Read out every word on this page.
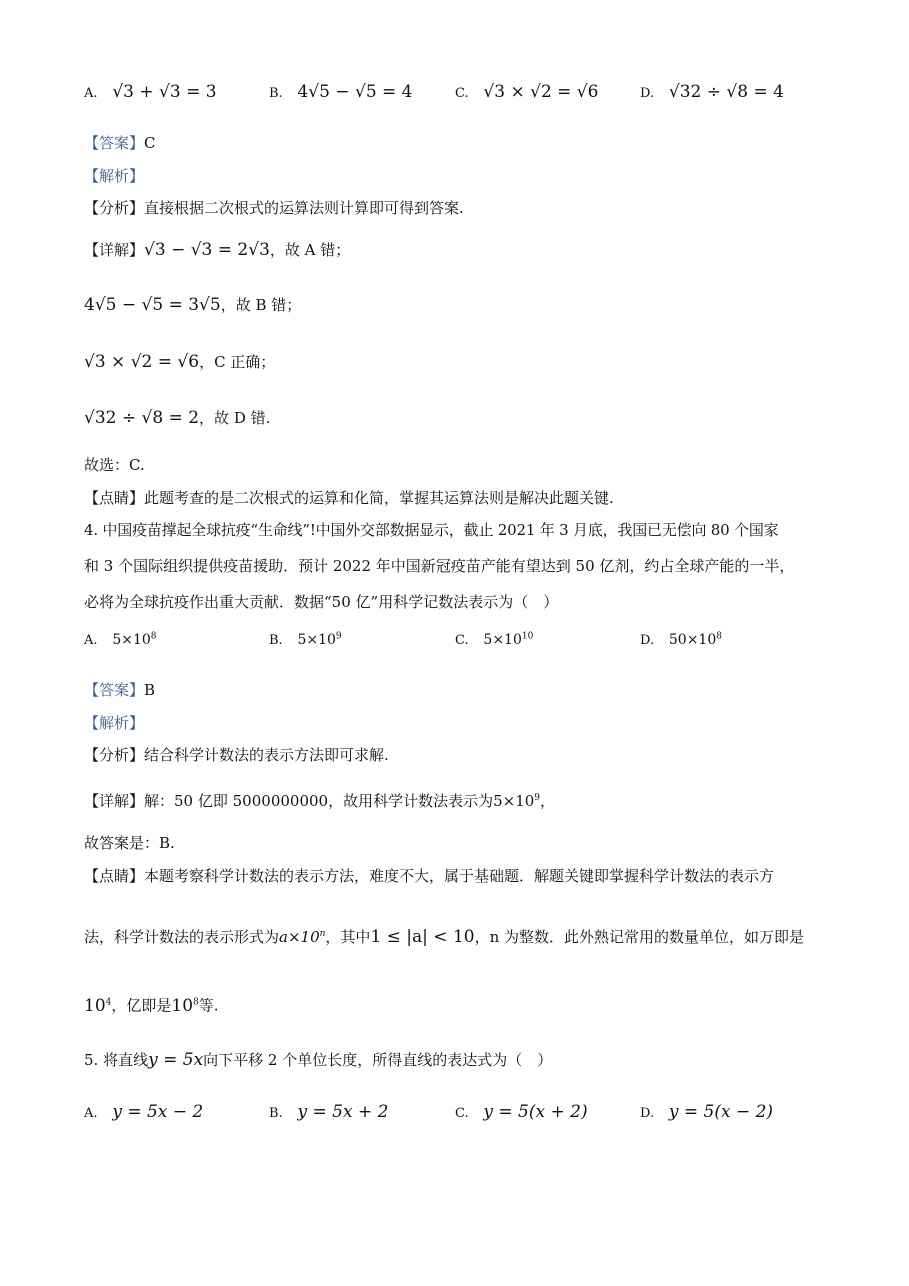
A. √3 + √3 = 3	B. 4√5 − √5 = 4	C. √3 × √2 = √6	D. √32 ÷ √8 = 4
【答案】C
【解析】
【分析】直接根据二次根式的运算法则计算即可得到答案.
【详解】√3 − √3 = 2√3，故 A 错；
4√5 − √5 = 3√5，故 B 错；
√3 × √2 = √6，C 正确；
√32 ÷ √8 = 2，故 D 错.
故选：C.
【点睛】此题考查的是二次根式的运算和化简，掌握其运算法则是解决此题关键.
4. 中国疫苗撑起全球抗疫“生命线”!中国外交部数据显示，截止 2021 年 3 月底，我国已无偿向 80 个国家
和 3 个国际组织提供疫苗援助．预计 2022 年中国新冠疫苗产能有望达到 50 亿剂，约占全球产能的一半，
必将为全球抗疫作出重大贡献．数据“50 亿”用科学记数法表示为（　）
A. $5\times 10^8$	B. $5\times 10^9$	C. $5\times 10^{10}$	D. $50\times 10^8$
【答案】B
【解析】
【分析】结合科学计数法的表示方法即可求解.
【详解】解：50 亿即 5000000000，故用科学计数法表示为$5\times 10^9$，
故答案是：B.
【点睛】本题考察科学计数法的表示方法，难度不大，属于基础题．解题关键即掌握科学计数法的表示方
法，科学计数法的表示形式为$a\times 10^n$，其中1 ≤ |a| < 10，n 为整数．此外熟记常用的数量单位，如万即是
$10^4$，亿即是$10^8$等.
5. 将直线y = 5x向下平移 2 个单位长度，所得直线的表达式为（　）
A. y = 5x − 2	B. y = 5x + 2	C. y = 5(x + 2)	D. y = 5(x − 2)
